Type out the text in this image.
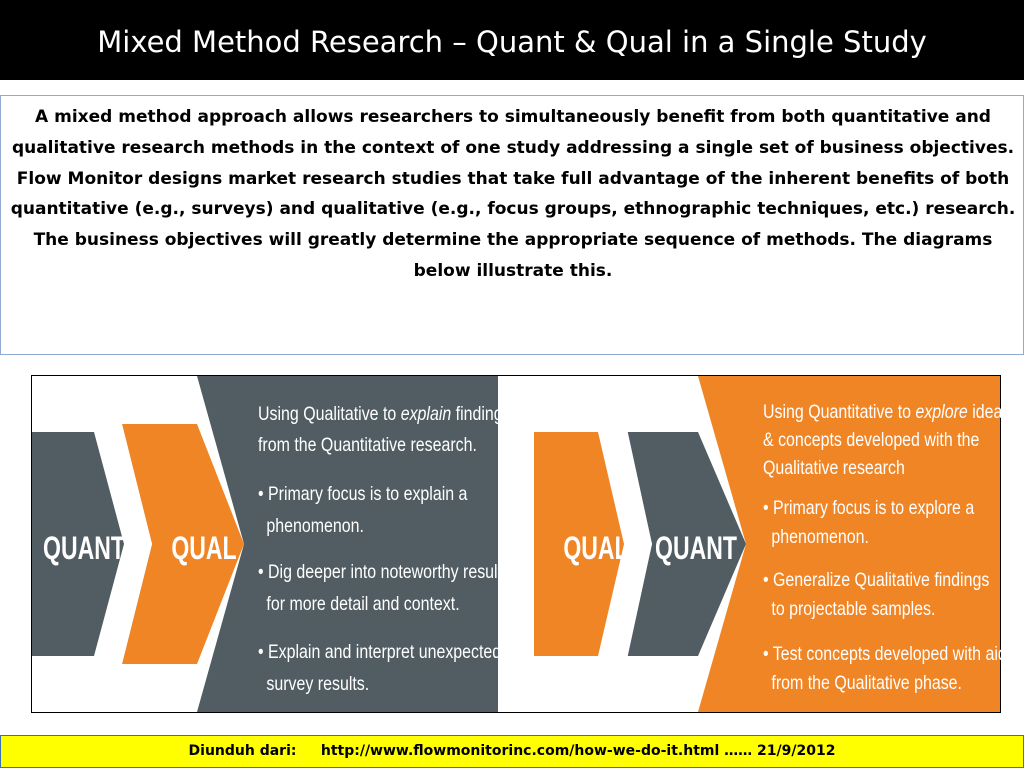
Mixed Method Research – Quant & Qual in a Single Study

A mixed method approach allows researchers to simultaneously benefit from both quantitative and qualitative research methods in the context of one study addressing a single set of business objectives.

Flow Monitor designs market research studies that take full advantage of the inherent benefits of both quantitative (e.g., surveys) and qualitative (e.g., focus groups, ethnographic techniques, etc.) research.

The business objectives will greatly determine the appropriate sequence of methods. The diagrams below illustrate this.

QUANT QUAL
Using Qualitative to explain findings
from the Quantitative research.
• Primary focus is to explain a
phenomenon.
• Dig deeper into noteworthy results
for more detail and context.
• Explain and interpret unexpected
survey results.
QUAL QUANT
Using Quantitative to explore ideas
& concepts developed with the
Qualitative research
• Primary focus is to explore a
phenomenon.
• Generalize Qualitative findings
to projectable samples.
• Test concepts developed with aid
from the Qualitative phase.
Diunduh dari: http://www.flowmonitorinc.com/how-we-do-it.html …… 21/9/2012
